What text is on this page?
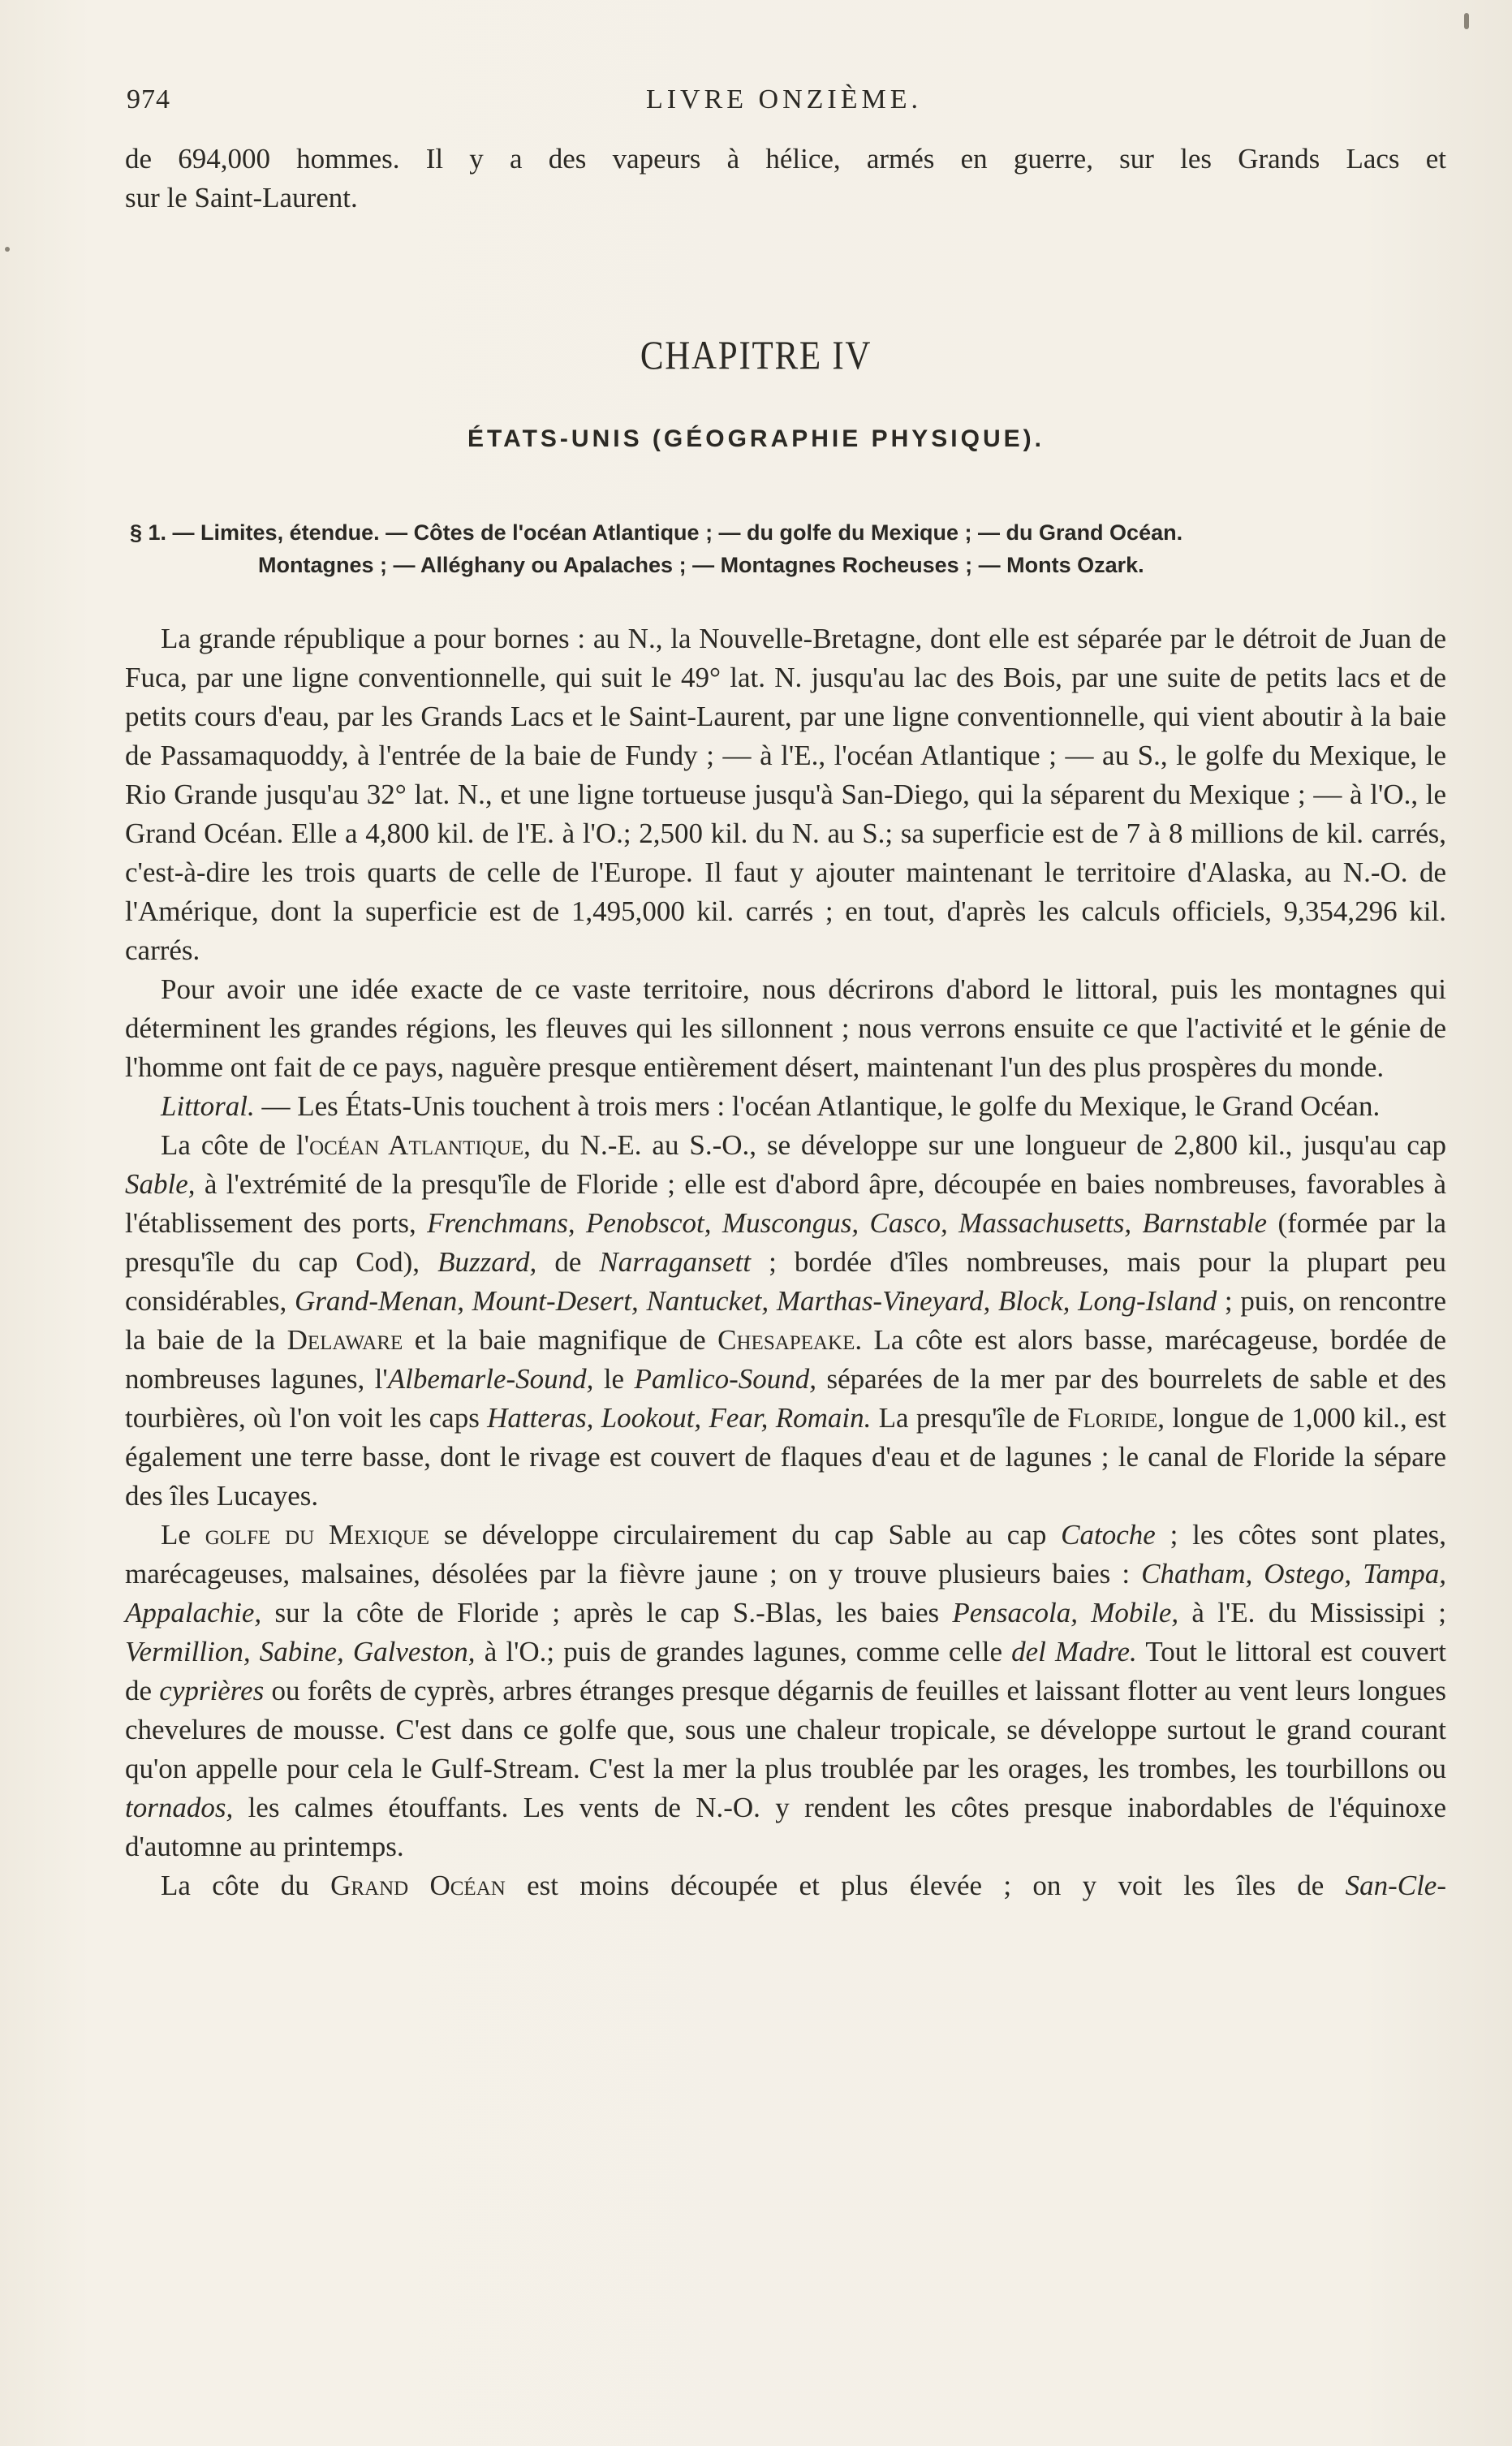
974	LIVRE ONZIÈME.

de 694,000 hommes. Il y a des vapeurs à hélice, armés en guerre, sur les Grands Lacs et

sur le Saint-Laurent.

CHAPITRE IV
ÉTATS-UNIS (GÉOGRAPHIE PHYSIQUE).
§ 1. — Limites, étendue. — Côtes de l'océan Atlantique ; — du golfe du Mexique ; — du Grand Océan.
Montagnes ; — Alléghany ou Apalaches ; — Montagnes Rocheuses ; — Monts Ozark.

La grande république a pour bornes : au N., la Nouvelle-Bretagne, dont elle est séparée par le détroit de Juan de Fuca, par une ligne conventionnelle, qui suit le 49° lat. N. jusqu'au lac des Bois, par une suite de petits lacs et de petits cours d'eau, par les Grands Lacs et le Saint-Laurent, par une ligne conventionnelle, qui vient aboutir à la baie de Passamaquoddy, à l'entrée de la baie de Fundy ; — à l'E., l'océan Atlantique ; — au S., le golfe du Mexique, le Rio Grande jusqu'au 32° lat. N., et une ligne tortueuse jusqu'à San-Diego, qui la séparent du Mexique ; — à l'O., le Grand Océan. Elle a 4,800 kil. de l'E. à l'O.; 2,500 kil. du N. au S.; sa superficie est de 7 à 8 millions de kil. carrés, c'est-à-dire les trois quarts de celle de l'Europe. Il faut y ajouter maintenant le territoire d'Alaska, au N.-O. de l'Amérique, dont la superficie est de 1,495,000 kil. carrés ; en tout, d'après les calculs officiels, 9,354,296 kil. carrés.

Pour avoir une idée exacte de ce vaste territoire, nous décrirons d'abord le littoral, puis les montagnes qui déterminent les grandes régions, les fleuves qui les sillonnent ; nous verrons ensuite ce que l'activité et le génie de l'homme ont fait de ce pays, naguère presque entièrement désert, maintenant l'un des plus prospères du monde.

Littoral. — Les États-Unis touchent à trois mers : l'océan Atlantique, le golfe du Mexique, le Grand Océan.

La côte de l'océan Atlantique, du N.-E. au S.-O., se développe sur une longueur de 2,800 kil., jusqu'au cap Sable, à l'extrémité de la presqu'île de Floride ; elle est d'abord âpre, découpée en baies nombreuses, favorables à l'établissement des ports, Frenchmans, Penobscot, Muscongus, Casco, Massachusetts, Barnstable (formée par la presqu'île du cap Cod), Buzzard, de Narragansett ; bordée d'îles nombreuses, mais pour la plupart peu considérables, Grand-Menan, Mount-Desert, Nantucket, Marthas-Vineyard, Block, Long-Island ; puis, on rencontre la baie de la Delaware et la baie magnifique de Chesapeake. La côte est alors basse, marécageuse, bordée de nombreuses lagunes, l'Albemarle-Sound, le Pamlico-Sound, séparées de la mer par des bourrelets de sable et des tourbières, où l'on voit les caps Hatteras, Lookout, Fear, Romain. La presqu'île de Floride, longue de 1,000 kil., est également une terre basse, dont le rivage est couvert de flaques d'eau et de lagunes ; le canal de Floride la sépare des îles Lucayes.

Le golfe du Mexique se développe circulairement du cap Sable au cap Catoche ; les côtes sont plates, marécageuses, malsaines, désolées par la fièvre jaune ; on y trouve plusieurs baies : Chatham, Ostego, Tampa, Appalachie, sur la côte de Floride ; après le cap S.-Blas, les baies Pensacola, Mobile, à l'E. du Mississipi ; Vermillion, Sabine, Galveston, à l'O.; puis de grandes lagunes, comme celle del Madre. Tout le littoral est couvert de cyprières ou forêts de cyprès, arbres étranges presque dégarnis de feuilles et laissant flotter au vent leurs longues chevelures de mousse. C'est dans ce golfe que, sous une chaleur tropicale, se développe surtout le grand courant qu'on appelle pour cela le Gulf-Stream. C'est la mer la plus troublée par les orages, les trombes, les tourbillons ou tornados, les calmes étouffants. Les vents de N.-O. y rendent les côtes presque inabordables de l'équinoxe d'automne au printemps.

La côte du Grand Océan est moins découpée et plus élevée ; on y voit les îles de San-Cle-
